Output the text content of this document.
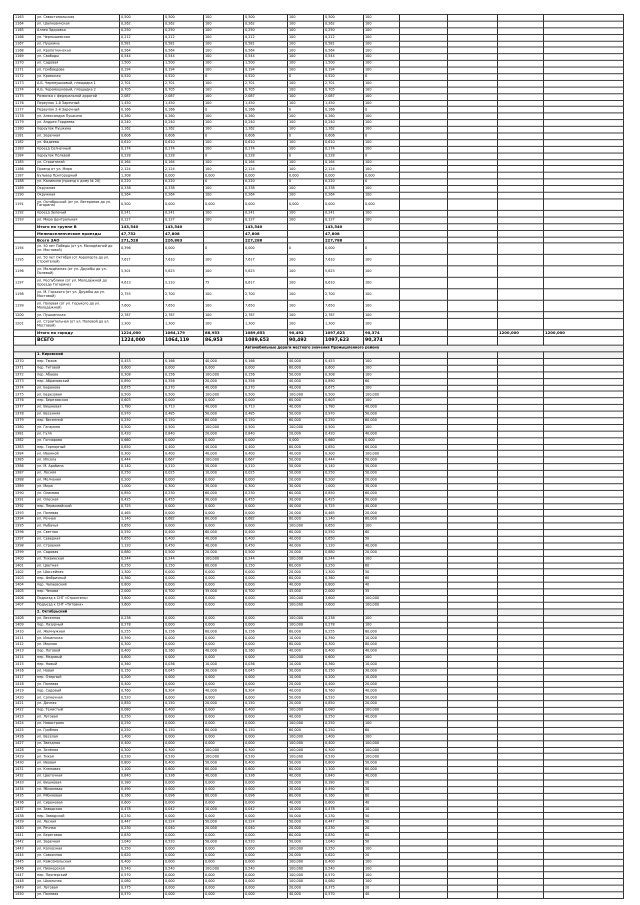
1163	ул. Севастопольская	0,500	0,500	100	0,500	100	0,500	100				
1164	ул. Шалкевичская	0,262	0,262	100	0,262	100	0,262	100				
1165	Аллея Здоровья	0,250	0,250	100	0,250	100	0,250	100				
1166	ул. Чернышевская	0,212	0,212	100	0,212	100	0,212	100				
1167	ул. Пушкина	0,581	0,581	100	0,581	100	0,581	100				
1168	ул. Кропоткинская	0,564	0,564	100	0,564	100	0,564	100				
1169	ул. Свободы	0,544	0,544	100	0,544	100	0,544	100				
1170	ул. Садовая	1,500	1,500	100	1,500	100	1,500	100				
1171	ул. Грибоедова	0,194	0,194	100	0,194	100	0,194	100				
1172	ул. Кромская	0,520	0,520	0	0,520	0	0,520	0				
1173	А.Б. Черемушковый, площадка 1	2,701	2,701	100	2,701	100	2,701	100				
1174	А.Б. Черемушковый, площадка 2	0,705	0,705	100	0,705	100	0,705	100				
1175	Развязка с федеральной дорогой	2,087	2,087	100	2,087	100	2,087	100				
1176	Переулок 1-й Заречный	1,450	1,450	100	1,450	100	1,450	100				
1177	Переулок 2-й Заречный	0,166	0,166	0	0,166	0	0,166	0				
1178	ул. Александра Пушкина	0,260	0,260	100	0,260	100	0,260	100				
1179	ул. Андрея Гордеева	0,240	0,240	100	0,240	100	0,240	100				
1180	переулок Пушкина	1,162	1,162	100	1,162	100	1,162	100				
1181	ул. Заречная	0,606	0,606	0	0,606	0	0,606	0				
1182	ул. Фадеева	0,610	0,610	100	0,610	100	0,610	100				
1183	проезд Солнечный	0,174	0,174	100	0,174	100	0,174	100				
1184	переулок Полевой	0,228	0,228	0	0,228	0	0,228	0				
1185	ул. Строителей	0,164	0,164	100	0,164	100	0,164	100				
1186	Проезд от ул. Мира	2,124	2,124	100	2,124	100	2,124	100				
1187	Бульвар Пригородный	1,308	0,000	0,000	0,000	0,000	0,000	0,000				
1188	ул. Калинина (проезд к дому № 20)	0,220	0,220	0	0,220	0	0,220	0				
1189	Окружная	0,338	0,338	100	0,338	100	0,338	100				
1190	Окружная	0,264	0,264	100	0,264	100	0,264	100				
1191	ул. Октябрьской (от ул. Ветеранов до ул. Гагарина)	0,500	0,000	0,000	0,000	0,000	0,000	0,000				
1192	проезд Зелёный	0,241	0,241	100	0,241	100	0,241	100				
1193	ул. Мира Центральная	0,127	0,127	100	0,127	100	0,127	100				
	Итого по группе В	143,540	143,540		143,540		143,540					
	Межпоселенческие проезды	47,752	47,808		47,808		47,808					
	Всего ЗАО	271,528	226,883		227,288		227,788					
1194	ул. 50 лет Победы (от ул. Молодёжной до ул. Мостовой)	0,396	0,000	0	0,000	0	0,000	0				
1195	ул. 50 лет Октября (от Аэропорта до ул. Строителей)	7,617	7,610	100	7,617	100	7,610	100				
1196	ул. Молодёжная (от ул. Дружбы до ул. Полевой)	5,501	5,825	100	5,825	100	5,825	100				
1197	ул. Республики (от ул. Молодёжной до проезда Гагарина)	4,613	2,110	75	0,617	100	0,610	100				
1198	ул. М. Горького (от ул. Дружбы до ул. Мостовой)	2,755	2,700	100	2,700	100	2,700	100				
1199	ул. Полевая (от ул. Горького до ул. Молодёжной)	7,600	7,650	100	7,650	100	7,650	100				
1200	ул. Пушкинская	2,787	2,787	100	2,787	100	2,787	100				
1201	ул. Строительная (от ул. Полевой до ул. Мостовой)	1,300	1,300	100	1,300	100	1,300	100				
	Итого по городу	1224,000	1064,179	86,953	1089,653	90,492	1097,623	90,374			1200,000	1200,000
	ВСЕГО	1224,000	1064,119	86,953	1089,653	90,492	1097,623	90,374				
					Автомобильные дороги местного значения Промышленного района							
	1. Кировский											
1370	пер. Тюхов	0,453	0,166	40,000	0,166	40,000	0,453	100				
1371	пер. Титовой	0,600	0,000	0,000	0,000	60,000	0,600	100				
1372	пер. Абаева	0,308	0,156	100,000	0,156	50,000	0,308	100				
1373	пер. Абрамовский	0,890	0,356	20,000	0,356	40,000	0,890	60				
1374	ул. Баранова	0,675	0,270	40,000	0,270	40,000	0,675	100				
1375	ул. Березовая	0,500	0,500	100,000	0,500	100,000	0,500	100,000				
1376	пер. Березовская	0,603	0,000	0,000	0,000	60,000	0,603	100				
1377	ул. Вишневая	1,780	0,713	40,000	0,713	40,000	1,780	40,000				
1378	ул. Весенняя	0,970	0,485	50,000	0,485	50,000	0,970	50,000				
1379	пер. Весенний	0,250	0,150	60,000	0,150	60,000	0,250	60,000				
1380	ул. Гагарина	0,500	0,500	100,000	0,500	100,000	0,500	100				
1381	ул. Гуля	0,420	0,840	20,000	0,840	20,000	0,420	40,000				
1382	ул. Гончарова	0,660	0,000	0,000	0,000	0,000	0,660	0,000				
1383	пер. Горпорный	0,650	0,400	40,000	0,400	60,000	0,650	60,000				
1384	ул. Ивонной	0,300	0,400	40,000	0,400	40,000	0,300	100,000				
1385	ул. Ипсола	0,444	0,667	100,000	0,667	50,000	0,444	50,000				
1386	ул. М. Арабина	0,140	0,210	50,000	0,210	50,000	0,140	50,000				
1387	ул. Лосняя	0,250	0,025	10,000	0,025	50,000	0,250	50,000				
1388	ул. Молчания	0,200	0,000	0,000	0,000	20,000	0,200	20,000				
1389	ул. Мира	1,000	0,300	30,000	0,300	30,000	1,000	30,000				
1390	ул. Олимова	0,850	0,230	60,000	0,230	60,000	0,850	60,000				
1391	ул. Олесная	0,425	0,455	30,000	0,455	30,000	0,425	50,000				
1392	пер. Первомайский	0,725	0,000	0,000	0,000	40,000	0,725	40,000				
1393	ул. Полевая	0,465	0,000	0,000	0,000	20,000	0,465	20,000				
1394	ул. Речная	1,140	0,682	60,000	0,682	60,000	1,140	60,000				
1395	ул. Рыбачья	0,650	0,000	0,000	0,000	100,000	0,650	100				
1396	ул. Светлая	0,550	0,400	60,000	0,400	60,000	0,550	60				
1397	ул. Северная	0,650	0,400	40,000	0,400	40,000	0,650	50				
1398	ул. Строения	1,120	0,450	40,000	0,450	40,000	1,120	40,000				
1399	ул. Садовая	0,880	0,500	20,000	0,500	20,000	0,880	20,000				
1400	ул. Тихвинская	0,244	0,244	100,000	0,244	100,000	0,244	100				
1401	ул. Цветная	0,250	0,150	60,000	0,150	60,000	0,250	60				
1402	ул. Шоссейная	1,300	0,000	0,000	0,000	20,000	1,300	50				
1403	пер. Фабричный	0,360	0,000	0,000	0,000	60,000	0,360	60				
1404	пер. Чапаевский	0,800	0,000	0,000	0,000	40,000	0,800	40				
1405	пер. Чехова	2,000	0,700	35,000	0,700	45,000	2,000	35				
1406	Подъезд к СНТ «Строитель»	3,600	0,000	0,000	0,000	100,000	3,600	100,000				
1407	Подъезд к СНТ «Титовка»	3,600	0,000	0,000	0,000	100,000	3,600	100,000				
	2. Октябрьский											
1408	ул. Весенняя	0,238	0,000	0,000	0,000	100,000	0,238	100				
1409	пер. Лазурный	0,278	0,000	0,000	0,000	100,000	0,278	100				
1410	ул. Жемчужная	0,255	0,156	60,000	0,156	60,000	0,255	60,000				
1411	ул. Ильинская	0,390	0,000	0,000	0,000	10,000	0,390	10,000				
1412	ул. Мирная	0,300	0,000	0,000	0,000	80,000	0,300	80,000				
1413	пер. Луговой	0,400	0,160	40,000	0,160	40,000	0,400	40,000				
1414	пер. Медовый	0,600	0,000	0,000	0,000	100,000	0,600	100				
1415	пер. Новый	0,360	0,036	10,000	0,036	10,000	0,360	10,000				
1416	ул. Новая	0,150	0,045	30,000	0,045	30,000	0,150	30,000				
1417	пер. Озёрный	0,200	0,000	0,000	0,000	10,000	0,200	10,000				
1418	ул. Полевая	0,400	0,000	0,000	0,000	20,000	0,400	20,000				
1419	пер. Садовый	0,760	0,304	40,000	0,304	40,000	0,760	40,000				
1420	ул. Солнечная	0,520	0,000	0,000	0,000	50,000	0,520	50,000				
1421	ул. Дачная	0,850	0,150	20,000	0,150	20,000	0,850	20,000				
1422	пер. Тенистый	0,080	0,400	0,000	0,400	100,000	0,080	100,000				
1423	ул. Луговая	0,250	0,000	0,000	0,000	40,000	0,250	40,000				
1424	ул. Новостроек	0,250	0,000	0,000	0,000	100,000	0,250	100				
1425	ул. Грибная	0,250	0,150	60,000	0,150	60,000	0,250	60				
1426	ул. Весёлая	1,400	0,000	0,000	0,000	100,000	1,400	100				
1427	ул. Звёздная	0,400	0,000	0,000	0,000	100,000	0,400	100,000				
1428	ул. Зелёная	0,300	0,300	100,000	0,300	100,000	0,300	100,000				
1429	ул. Тихая	0,530	0,530	100,000	0,530	100,000	0,530	100,000				
1430	ул. Ивовая	0,800	0,400	50,000	0,400	50,000	0,800	50,000				
1431	ул. Кленовая	1,100	0,600	60,000	0,600	60,000	1,100	60,000				
1432	ул. Цветочная	0,840	0,336	40,000	0,336	40,000	0,840	40,000				
1433	ул. Вишнёвая	0,180	0,000	0,000	0,000	20,000	0,180	20				
1434	ул. Яблоневая	0,490	0,000	0,000	0,000	30,000	0,490	30				
1435	ул. Рябиновая	0,160	0,096	60,000	0,096	60,000	0,160	60				
1436	ул. Сиреневая	0,600	0,000	0,000	0,000	40,000	0,600	40				
1437	ул. Заводская	0,478	0,042	10,000	0,042	10,000	0,478	10				
1438	пер. Заводской	0,230	0,000	0,000	0,000	50,000	0,230	50				
1439	ул. Лесная	0,447	0,224	50,000	0,224	50,000	0,447	50				
1440	ул. Речная	0,230	0,040	20,000	0,040	20,000	0,230	20				
1441	ул. Береговая	0,830	0,000	0,000	0,000	60,000	0,830	60				
1442	ул. Заречная	1,040	0,520	50,000	0,520	50,000	1,040	50				
1443	ул. Колхозная	0,250	0,000	0,000	0,000	100,000	0,250	100				
1444	ул. Совхозная	0,620	0,000	0,000	0,000	20,000	0,620	20				
1445	ул. Комсомольская	0,400	0,000	0,000	0,000	100,000	0,400	100				
1446	ул. Пионерская	0,540	0,540	100,000	0,540	100,000	0,540	100				
1447	пер. Пионерский	0,570	0,000	0,000	0,000	100,000	0,570	100				
1448	ул. Школьная	0,080	0,000	0,000	0,000	100,000	0,080	100				
1449	ул. Луговая	0,375	0,000	0,000	0,000	20,000	0,375	20				
1450	ул. Полевая	0,570	0,000	0,000	0,000	40,000	0,570	40				
